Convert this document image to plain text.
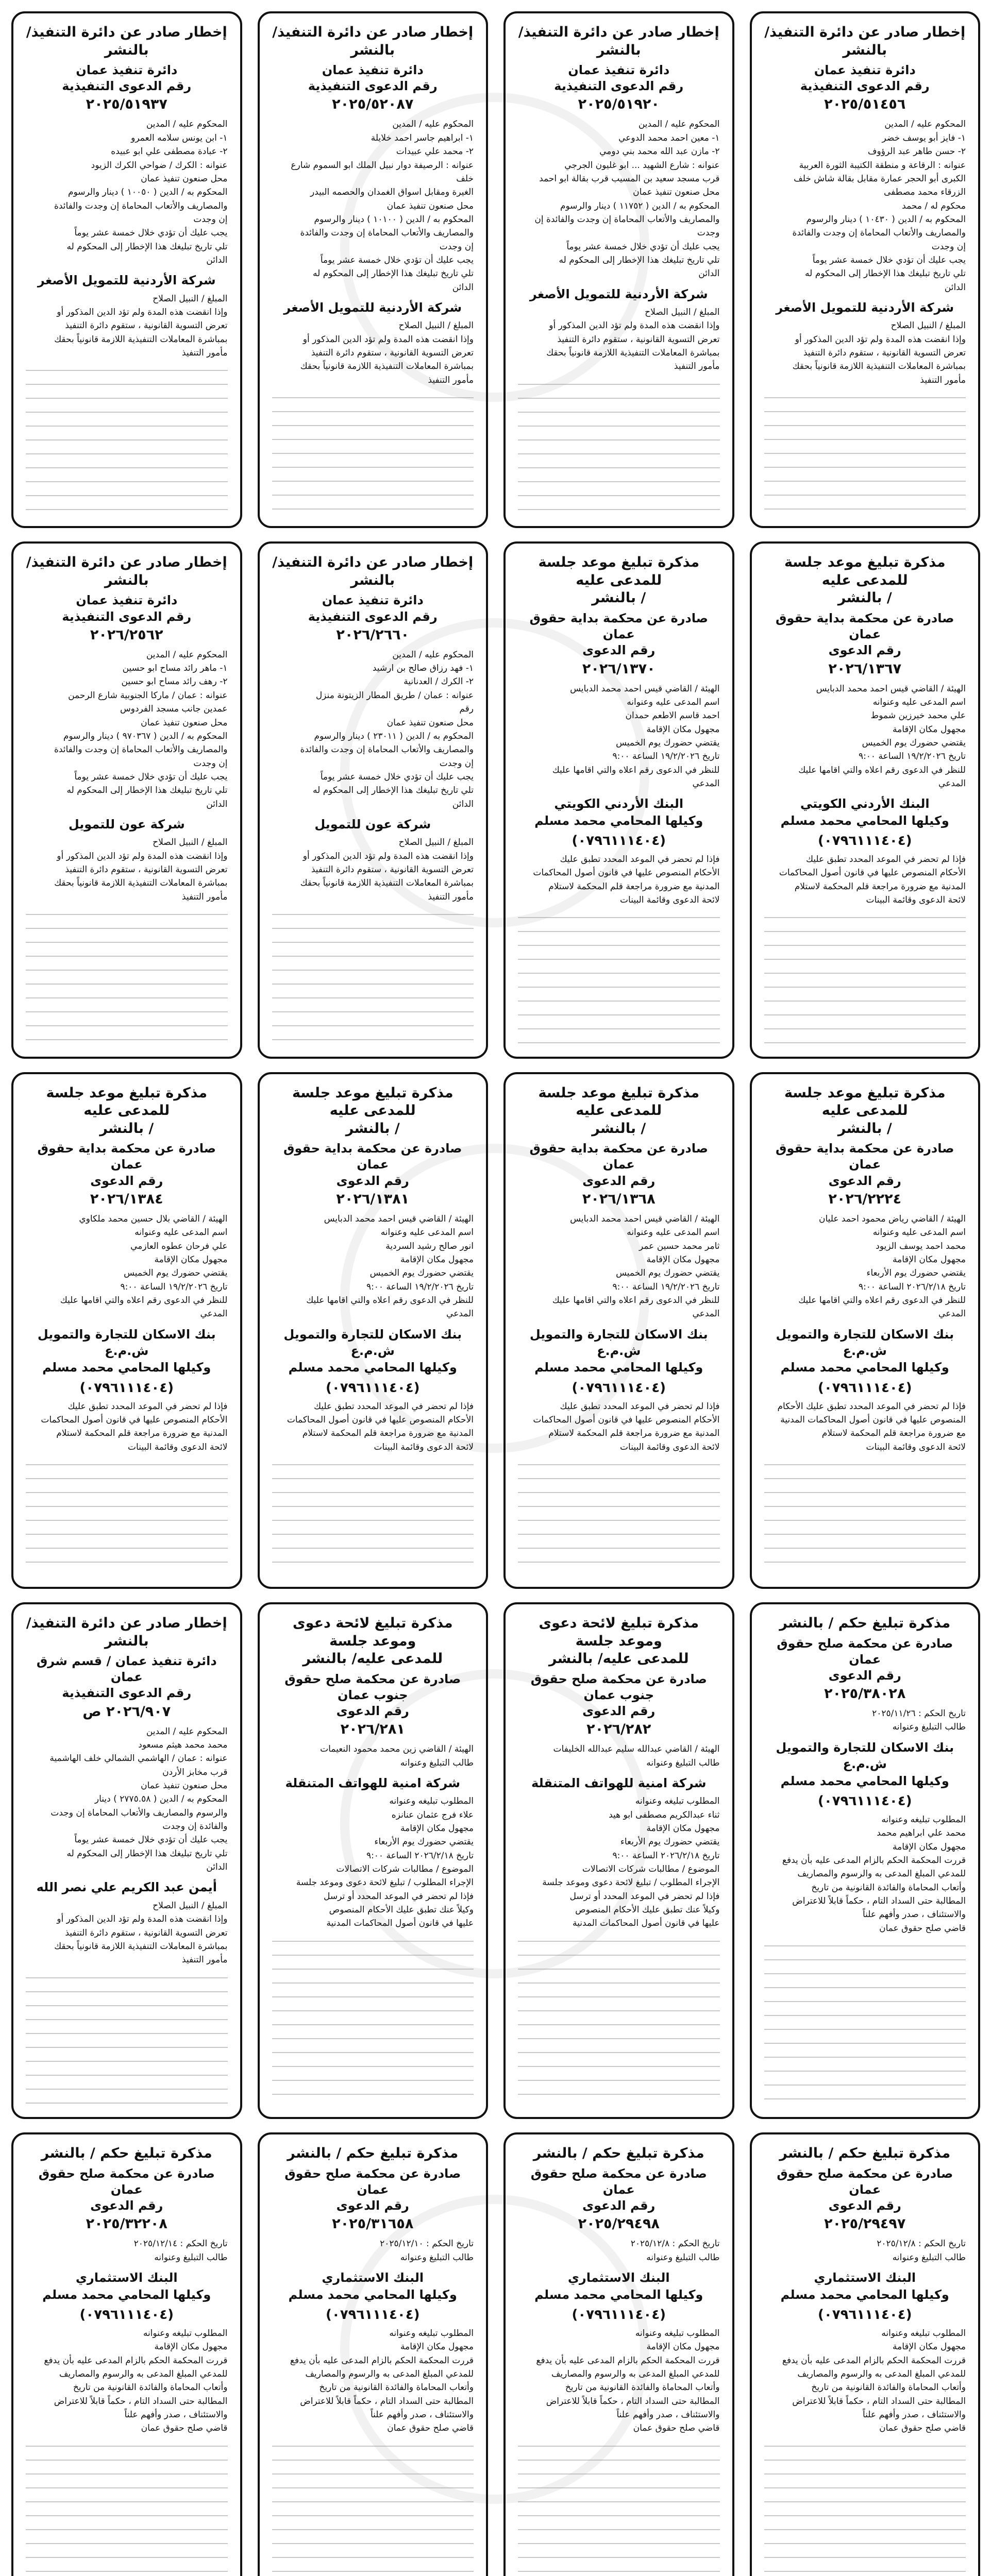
إخطار صادر عن دائرة التنفيذ/ بالنشر
دائرة تنفيذ عمان
رقم الدعوى التنفيذية
٢٠٢٥/٥١٤٥٦
المحكوم عليه / المدين
١- فايز أبو يوسف خضر
٢- حسن طاهر عبد الرؤوف
عنوانه : الرقاعة و منطقة الكتيبة الثورة العربية
الكبرى أبو الحجر عمارة مقابل بقالة شاش خلف
الزرقاء محمد مصطفى
محكوم له / محمد
المحكوم به / الدين ( ١٠٤٣٠ ) دينار والرسوم
والمصاريف والأتعاب المحاماة إن وجدت والفائدة
إن وجدت
يجب عليك أن تؤدي خلال خمسة عشر يوماً
تلي تاريخ تبليغك هذا الإخطار إلى المحكوم له
الدائن
شركة الأردنية للتمويل الأصغر
المبلغ / النبيل الصلاح
وإذا انقضت هذه المدة ولم تؤد الدين المذكور أو
تعرض التسوية القانونية ، ستقوم دائرة التنفيذ
بمباشرة المعاملات التنفيذية اللازمة قانونياً بحقك
مأمور التنفيذ
إخطار صادر عن دائرة التنفيذ/ بالنشر
دائرة تنفيذ عمان
رقم الدعوى التنفيذية
٢٠٢٥/٥١٩٢٠
المحكوم عليه / المدين
١- معين احمد محمد الدوعي
٢- مازن عبد الله محمد بني دومي
عنوانه : شارع الشهيد ... ابو غليون الجرجي
قرب مسجد سعيد بن المسيب قرب بقالة ابو احمد
محل صنعون تنفيذ عمان
المحكوم به / الدين ( ١١٧٥٢ ) دينار والرسوم
والمصاريف والأتعاب المحاماة إن وجدت والفائدة إن
وجدت
يجب عليك أن تؤدي خلال خمسة عشر يوماً
تلي تاريخ تبليغك هذا الإخطار إلى المحكوم له
الدائن
شركة الأردنية للتمويل الأصغر
المبلغ / النبيل الصلاح
وإذا انقضت هذه المدة ولم تؤد الدين المذكور أو
تعرض التسوية القانونية ، ستقوم دائرة التنفيذ
بمباشرة المعاملات التنفيذية اللازمة قانونياً بحقك
مأمور التنفيذ
إخطار صادر عن دائرة التنفيذ/ بالنشر
دائرة تنفيذ عمان
رقم الدعوى التنفيذية
٢٠٢٥/٥٢٠٨٧
المحكوم عليه / المدين
١- ابراهيم جاسر احمد خلايلة
٢- محمد علي عبيدات
عنوانه : الرصيفة دوار نبيل الملك ابو السموم شارع خلف
الغيرة ومقابل اسواق الغمدان والحصمه البيدر
محل صنعون تنفيذ عمان
المحكوم به / الدين ( ١٠١٠٠ ) دينار والرسوم
والمصاريف والأتعاب المحاماة إن وجدت والفائدة
إن وجدت
يجب عليك أن تؤدي خلال خمسة عشر يوماً
تلي تاريخ تبليغك هذا الإخطار إلى المحكوم له
الدائن
شركة الأردنية للتمويل الأصغر
المبلغ / النبيل الصلاح
وإذا انقضت هذه المدة ولم تؤد الدين المذكور أو
تعرض التسوية القانونية ، ستقوم دائرة التنفيذ
بمباشرة المعاملات التنفيذية اللازمة قانونياً بحقك
مأمور التنفيذ
إخطار صادر عن دائرة التنفيذ/ بالنشر
دائرة تنفيذ عمان
رقم الدعوى التنفيذية
٢٠٢٥/٥١٩٣٧
المحكوم عليه / المدين
١- ابن يونس سلامه العمرو
٢- عبادة مصطفى علي ابو عبيده
عنوانه : الكرك / ضواحي الكرك الزيود
محل صنعون تنفيذ عمان
المحكوم به / الدين ( ١٠٠٥٠ ) دينار والرسوم
والمصاريف والأتعاب المحاماة إن وجدت والفائدة
إن وجدت
يجب عليك أن تؤدي خلال خمسة عشر يوماً
تلي تاريخ تبليغك هذا الإخطار إلى المحكوم له
الدائن
شركة الأردنية للتمويل الأصغر
المبلغ / النبيل الصلاح
وإذا انقضت هذه المدة ولم تؤد الدين المذكور أو
تعرض التسوية القانونية ، ستقوم دائرة التنفيذ
بمباشرة المعاملات التنفيذية اللازمة قانونياً بحقك
مأمور التنفيذ
مذكرة تبليغ موعد جلسة للمدعى عليه
/ بالنشر
صادرة عن محكمة بداية حقوق عمان
رقم الدعوى
٢٠٢٦/١٣٦٧
الهيئة / القاضي قيس احمد محمد الدبايس
اسم المدعى عليه وعنوانه
علي محمد خيرزين شموط
مجهول مكان الإقامة
يقتضي حضورك يوم الخميس
تاريخ ١٩/٢/٢٠٢٦ الساعة ٩:٠٠
للنظر في الدعوى رقم اعلاه والتي اقامها عليك
المدعي
البنك الأردني الكويتي
وكيلها المحامي محمد مسلم
(٠٧٩٦١١١٤٠٤)
فإذا لم تحضر في الموعد المحدد تطبق عليك
الأحكام المنصوص عليها في قانون أصول المحاكمات
المدنية مع ضرورة مراجعة قلم المحكمة لاستلام
لائحة الدعوى وقائمة البينات
مذكرة تبليغ موعد جلسة للمدعى عليه
/ بالنشر
صادرة عن محكمة بداية حقوق عمان
رقم الدعوى
٢٠٢٦/١٣٧٠
الهيئة / القاضي قيس احمد محمد الدبايس
اسم المدعى عليه وعنوانه
احمد قاسم الاطعم حمدان
مجهول مكان الإقامة
يقتضي حضورك يوم الخميس
تاريخ ١٩/٢/٢٠٢٦ الساعة ٩:٠٠
للنظر في الدعوى رقم اعلاه والتي اقامها عليك
المدعي
البنك الأردني الكويتي
وكيلها المحامي محمد مسلم
(٠٧٩٦١١١٤٠٤)
فإذا لم تحضر في الموعد المحدد تطبق عليك
الأحكام المنصوص عليها في قانون أصول المحاكمات
المدنية مع ضرورة مراجعة قلم المحكمة لاستلام
لائحة الدعوى وقائمة البينات
إخطار صادر عن دائرة التنفيذ/ بالنشر
دائرة تنفيذ عمان
رقم الدعوى التنفيذية
٢٠٢٦/٢٦٦٠
المحكوم عليه / المدين
١- فهد رزاق صالح بن ارشيد
٢- الكرك / العدنانية
عنوانه : عمان / طريق المطار الزيتونة منزل
رقم
محل صنعون تنفيذ عمان
المحكوم به / الدين ( ٢٣٠١١ ) دينار والرسوم
والمصاريف والأتعاب المحاماة إن وجدت والفائدة
إن وجدت
يجب عليك أن تؤدي خلال خمسة عشر يوماً
تلي تاريخ تبليغك هذا الإخطار إلى المحكوم له
الدائن
شركة عون للتمويل
المبلغ / النبيل الصلاح
وإذا انقضت هذه المدة ولم تؤد الدين المذكور أو
تعرض التسوية القانونية ، ستقوم دائرة التنفيذ
بمباشرة المعاملات التنفيذية اللازمة قانونياً بحقك
مأمور التنفيذ
إخطار صادر عن دائرة التنفيذ/ بالنشر
دائرة تنفيذ عمان
رقم الدعوى التنفيذية
٢٠٢٦/٢٥٦٢
المحكوم عليه / المدين
١- ماهر رائد مساح ابو حسين
٢- رهف رائد مساح ابو حسين
عنوانه : عمان / ماركا الجنوبية شارع الرحمن
عمدين جانب مسجد الفردوس
محل صنعون تنفيذ عمان
المحكوم به / الدين ( ٩٧٠٣٦٧ ) دينار والرسوم
والمصاريف والأتعاب المحاماة إن وجدت والفائدة
إن وجدت
يجب عليك أن تؤدي خلال خمسة عشر يوماً
تلي تاريخ تبليغك هذا الإخطار إلى المحكوم له
الدائن
شركة عون للتمويل
المبلغ / النبيل الصلاح
وإذا انقضت هذه المدة ولم تؤد الدين المذكور أو
تعرض التسوية القانونية ، ستقوم دائرة التنفيذ
بمباشرة المعاملات التنفيذية اللازمة قانونياً بحقك
مأمور التنفيذ
مذكرة تبليغ موعد جلسة للمدعى عليه
/ بالنشر
صادرة عن محكمة بداية حقوق عمان
رقم الدعوى
٢٠٢٦/٢٢٢٤
الهيئة / القاضي رياض محمود احمد عليان
اسم المدعى عليه وعنوانه
محمد احمد يوسف الزيود
مجهول مكان الإقامة
يقتضي حضورك يوم الأربعاء
تاريخ ٢٠٢٦/٢/١٨ الساعة ٩:٠٠
للنظر في الدعوى رقم اعلاه والتي اقامها عليك
المدعي
بنك الاسكان للتجارة والتمويل ش.م.ع
وكيلها المحامي محمد مسلم
(٠٧٩٦١١١٤٠٤)
فإذا لم تحضر في الموعد المحدد تطبق عليك الأحكام
المنصوص عليها في قانون أصول المحاكمات المدنية
مع ضرورة مراجعة قلم المحكمة لاستلام
لائحة الدعوى وقائمة البينات
مذكرة تبليغ موعد جلسة للمدعى عليه
/ بالنشر
صادرة عن محكمة بداية حقوق عمان
رقم الدعوى
٢٠٢٦/١٣٦٨
الهيئة / القاضي قيس احمد محمد الدبايس
اسم المدعى عليه وعنوانه
ثامر محمد حسين عمر
مجهول مكان الإقامة
يقتضي حضورك يوم الخميس
تاريخ ١٩/٢/٢٠٢٦ الساعة ٩:٠٠
للنظر في الدعوى رقم اعلاه والتي اقامها عليك
المدعي
بنك الاسكان للتجارة والتمويل ش.م.ع
وكيلها المحامي محمد مسلم
(٠٧٩٦١١١٤٠٤)
فإذا لم تحضر في الموعد المحدد تطبق عليك
الأحكام المنصوص عليها في قانون أصول المحاكمات
المدنية مع ضرورة مراجعة قلم المحكمة لاستلام
لائحة الدعوى وقائمة البينات
مذكرة تبليغ موعد جلسة للمدعى عليه
/ بالنشر
صادرة عن محكمة بداية حقوق عمان
رقم الدعوى
٢٠٢٦/١٣٨١
الهيئة / القاضي قيس احمد محمد الدبايس
اسم المدعى عليه وعنوانه
انور صالح رشيد السردية
مجهول مكان الإقامة
يقتضي حضورك يوم الخميس
تاريخ ١٩/٢/٢٠٢٦ الساعة ٩:٠٠
للنظر في الدعوى رقم اعلاه والتي اقامها عليك
المدعي
بنك الاسكان للتجارة والتمويل ش.م.ع
وكيلها المحامي محمد مسلم
(٠٧٩٦١١١٤٠٤)
فإذا لم تحضر في الموعد المحدد تطبق عليك
الأحكام المنصوص عليها في قانون أصول المحاكمات
المدنية مع ضرورة مراجعة قلم المحكمة لاستلام
لائحة الدعوى وقائمة البينات
مذكرة تبليغ موعد جلسة للمدعى عليه
/ بالنشر
صادرة عن محكمة بداية حقوق عمان
رقم الدعوى
٢٠٢٦/١٣٨٤
الهيئة / القاضي بلال حسين محمد ملكاوي
اسم المدعى عليه وعنوانه
علي فرحان عطوه العازمي
مجهول مكان الإقامة
يقتضي حضورك يوم الخميس
تاريخ ١٩/٢/٢٠٢٦ الساعة ٩:٠٠
للنظر في الدعوى رقم اعلاه والتي اقامها عليك
المدعي
بنك الاسكان للتجارة والتمويل ش.م.ع
وكيلها المحامي محمد مسلم
(٠٧٩٦١١١٤٠٤)
فإذا لم تحضر في الموعد المحدد تطبق عليك
الأحكام المنصوص عليها في قانون أصول المحاكمات
المدنية مع ضرورة مراجعة قلم المحكمة لاستلام
لائحة الدعوى وقائمة البينات
مذكرة تبليغ حكم / بالنشر
صادرة عن محكمة صلح حقوق عمان
رقم الدعوى
٢٠٢٥/٣٨٠٢٨
تاريخ الحكم : ٢٠٢٥/١١/٢٦
طالب التبليغ وعنوانه
بنك الاسكان للتجارة والتمويل ش.م.ع
وكيلها المحامي محمد مسلم
(٠٧٩٦١١١٤٠٤)
المطلوب تبليغه وعنوانه
محمد علي ابراهيم محمد
مجهول مكان الإقامة
قررت المحكمة الحكم بالزام المدعى عليه بأن يدفع
للمدعي المبلغ المدعى به والرسوم والمصاريف
وأتعاب المحاماة والفائدة القانونية من تاريخ
المطالبة حتى السداد التام ، حكماً قابلاً للاعتراض
والاستئناف ، صدر وأفهم علناً
قاضي صلح حقوق عمان
مذكرة تبليغ لائحة دعوى وموعد جلسة
للمدعى عليه/ بالنشر
صادرة عن محكمة صلح حقوق جنوب عمان
رقم الدعوى
٢٠٢٦/٢٨٢
الهيئة / القاضي عبدالله سليم عبدالله الخليفات
طالب التبليغ وعنوانه
شركة امنية للهواتف المتنقلة
المطلوب تبليغه وعنوانه
ثناء عبدالكريم مصطفى ابو هيد
مجهول مكان الإقامة
يقتضي حضورك يوم الأربعاء
تاريخ ٢٠٢٦/٢/١٨ الساعة ٩:٠٠
الموضوع / مطالبات شركات الاتصالات
الإجراء المطلوب / تبليغ لائحة دعوى وموعد جلسة
فإذا لم تحضر في الموعد المحدد أو ترسل
وكيلاً عنك تطبق عليك الأحكام المنصوص
عليها في قانون أصول المحاكمات المدنية
مذكرة تبليغ لائحة دعوى وموعد جلسة
للمدعى عليه/ بالنشر
صادرة عن محكمة صلح حقوق جنوب عمان
رقم الدعوى
٢٠٢٦/٢٨١
الهيئة / القاضي زين محمد محمود النعيمات
طالب التبليغ وعنوانه
شركة امنية للهواتف المتنقلة
المطلوب تبليغه وعنوانه
علاء فرج عثمان عنانزه
مجهول مكان الإقامة
يقتضي حضورك يوم الأربعاء
تاريخ ٢٠٢٦/٢/١٨ الساعة ٩:٠٠
الموضوع / مطالبات شركات الاتصالات
الإجراء المطلوب / تبليغ لائحة دعوى وموعد جلسة
فإذا لم تحضر في الموعد المحدد أو ترسل
وكيلاً عنك تطبق عليك الأحكام المنصوص
عليها في قانون أصول المحاكمات المدنية
إخطار صادر عن دائرة التنفيذ/ بالنشر
دائرة تنفيذ عمان / قسم شرق عمان
رقم الدعوى التنفيذية
٢٠٢٦/٩٠٧ ص
المحكوم عليه / المدين
محمد محمد هيثم مسعود
عنوانه : عمان / الهاشمي الشمالي خلف الهاشمية
قرب مخابز الأردن
محل صنعون تنفيذ عمان
المحكوم به / الدين ( ٢٧٧٥.٥٨ ) دينار
والرسوم والمصاريف والأتعاب المحاماة إن وجدت
والفائدة إن وجدت
يجب عليك أن تؤدي خلال خمسة عشر يوماً
تلي تاريخ تبليغك هذا الإخطار إلى المحكوم له
الدائن
أيمن عبد الكريم علي نصر الله
المبلغ / النبيل الصلاح
وإذا انقضت هذه المدة ولم تؤد الدين المذكور أو
تعرض التسوية القانونية ، ستقوم دائرة التنفيذ
بمباشرة المعاملات التنفيذية اللازمة قانونياً بحقك
مأمور التنفيذ
مذكرة تبليغ حكم / بالنشر
صادرة عن محكمة صلح حقوق عمان
رقم الدعوى
٢٠٢٥/٢٩٤٩٧
تاريخ الحكم : ٢٠٢٥/١٢/٨
طالب التبليغ وعنوانه
البنك الاستثماري
وكيلها المحامي محمد مسلم
(٠٧٩٦١١١٤٠٤)
المطلوب تبليغه وعنوانه
مجهول مكان الإقامة
قررت المحكمة الحكم بالزام المدعى عليه بأن يدفع
للمدعي المبلغ المدعى به والرسوم والمصاريف
وأتعاب المحاماة والفائدة القانونية من تاريخ
المطالبة حتى السداد التام ، حكماً قابلاً للاعتراض
والاستئناف ، صدر وأفهم علناً
قاضي صلح حقوق عمان
مذكرة تبليغ حكم / بالنشر
صادرة عن محكمة صلح حقوق عمان
رقم الدعوى
٢٠٢٥/٢٩٤٩٨
تاريخ الحكم : ٢٠٢٥/١٢/٨
طالب التبليغ وعنوانه
البنك الاستثماري
وكيلها المحامي محمد مسلم
(٠٧٩٦١١١٤٠٤)
المطلوب تبليغه وعنوانه
مجهول مكان الإقامة
قررت المحكمة الحكم بالزام المدعى عليه بأن يدفع
للمدعي المبلغ المدعى به والرسوم والمصاريف
وأتعاب المحاماة والفائدة القانونية من تاريخ
المطالبة حتى السداد التام ، حكماً قابلاً للاعتراض
والاستئناف ، صدر وأفهم علناً
قاضي صلح حقوق عمان
مذكرة تبليغ حكم / بالنشر
صادرة عن محكمة صلح حقوق عمان
رقم الدعوى
٢٠٢٥/٣١٦٥٨
تاريخ الحكم : ٢٠٢٥/١٢/١٠
طالب التبليغ وعنوانه
البنك الاستثماري
وكيلها المحامي محمد مسلم
(٠٧٩٦١١١٤٠٤)
المطلوب تبليغه وعنوانه
مجهول مكان الإقامة
قررت المحكمة الحكم بالزام المدعى عليه بأن يدفع
للمدعي المبلغ المدعى به والرسوم والمصاريف
وأتعاب المحاماة والفائدة القانونية من تاريخ
المطالبة حتى السداد التام ، حكماً قابلاً للاعتراض
والاستئناف ، صدر وأفهم علناً
قاضي صلح حقوق عمان
مذكرة تبليغ حكم / بالنشر
صادرة عن محكمة صلح حقوق عمان
رقم الدعوى
٢٠٢٥/٣٢٢٠٨
تاريخ الحكم : ٢٠٢٥/١٢/١٤
طالب التبليغ وعنوانه
البنك الاستثماري
وكيلها المحامي محمد مسلم
(٠٧٩٦١١١٤٠٤)
المطلوب تبليغه وعنوانه
مجهول مكان الإقامة
قررت المحكمة الحكم بالزام المدعى عليه بأن يدفع
للمدعي المبلغ المدعى به والرسوم والمصاريف
وأتعاب المحاماة والفائدة القانونية من تاريخ
المطالبة حتى السداد التام ، حكماً قابلاً للاعتراض
والاستئناف ، صدر وأفهم علناً
قاضي صلح حقوق عمان
